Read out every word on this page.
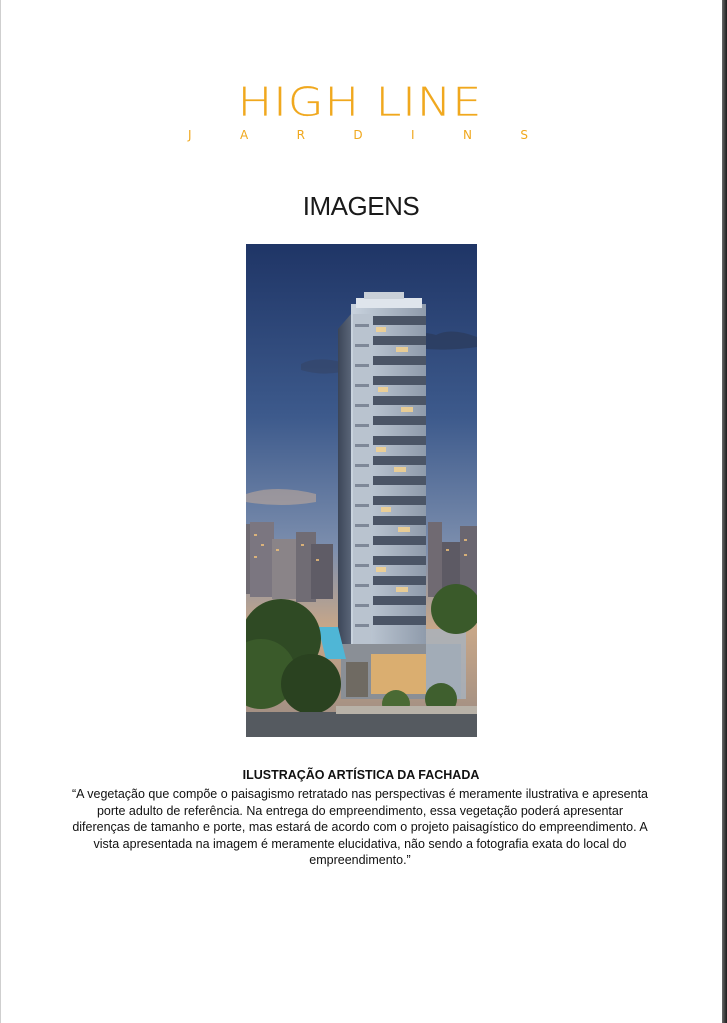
HIGH LINE
J	A	R	D	I	N	S
IMAGENS
ILUSTRAÇÃO ARTÍSTICA DA FACHADA
“A vegetação que compõe o paisagismo retratado nas perspectivas é meramente ilustrativa e apresenta porte adulto de referência. Na entrega do empreendimento, essa vegetação poderá apresentar diferenças de tamanho e porte, mas estará de acordo com o projeto paisagístico do empreendimento. A vista apresentada na imagem é meramente elucidativa, não sendo a fotografia exata do local do empreendimento.”
